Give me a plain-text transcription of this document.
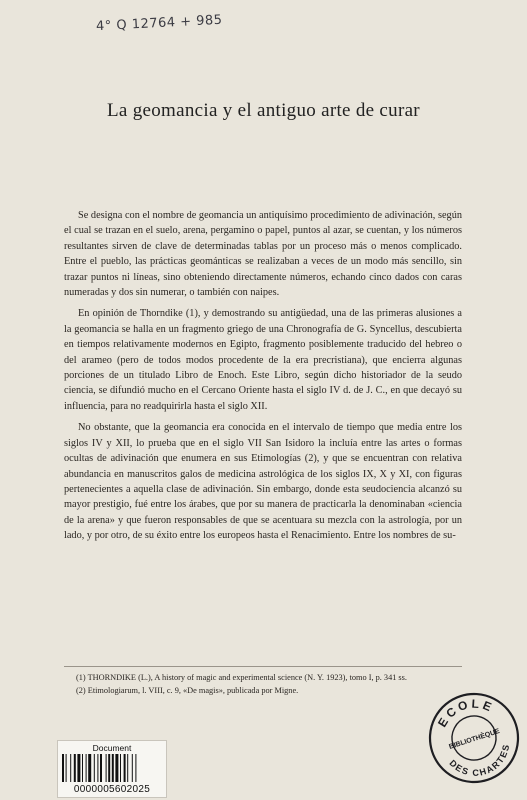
4° Q 12764 + 985
La geomancia y el antiguo arte de curar

Se designa con el nombre de geomancia un antiquísimo procedimiento de adivinación, según el cual se trazan en el suelo, arena, pergamino o papel, puntos al azar, se cuentan, y los números resultantes sirven de clave de determinadas tablas por un proceso más o menos complicado. Entre el pueblo, las prácticas geománticas se realizaban a veces de un modo más sencillo, sin trazar puntos ni líneas, sino obteniendo directamente números, echando cinco dados con caras numeradas y dos sin numerar, o también con naipes.

En opinión de Thorndike (1), y demostrando su antigüedad, una de las primeras alusiones a la geomancia se halla en un fragmento griego de una Chronografía de G. Syncellus, descubierta en tiempos relativamente modernos en Egipto, fragmento posiblemente traducido del hebreo o del arameo (pero de todos modos procedente de la era precristiana), que encierra algunas porciones de un titulado Libro de Enoch. Este Libro, según dicho historiador de la seudo ciencia, se difundió mucho en el Cercano Oriente hasta el siglo IV d. de J. C., en que decayó su influencia, para no readquirirla hasta el siglo XII.

No obstante, que la geomancia era conocida en el intervalo de tiempo que media entre los siglos IV y XII, lo prueba que en el siglo VII San Isidoro la incluía entre las artes o formas ocultas de adivinación que enumera en sus Etimologías (2), y que se encuentran con relativa abundancia en manuscritos galos de medicina astrológica de los siglos IX, X y XI, con figuras pertenecientes a aquella clase de adivinación. Sin embargo, donde esta seudociencia alcanzó su mayor prestigio, fué entre los árabes, que por su manera de practicarla la denominaban «ciencia de la arena» y que fueron responsables de que se acentuara su mezcla con la astrología, por un lado, y por otro, de su éxito entre los europeos hasta el Renacimiento. Entre los nombres de su-

(1) THORNDIKE (L.), A history of magic and experimental science (N. Y. 1923), tomo I, p. 341 ss.

(2) Etimologiarum, l. VIII, c. 9, «De magis», publicada por Migne.

Document
0000005602025
ECOLE
BIBLIOTHÈQUE
DES CHARTES
